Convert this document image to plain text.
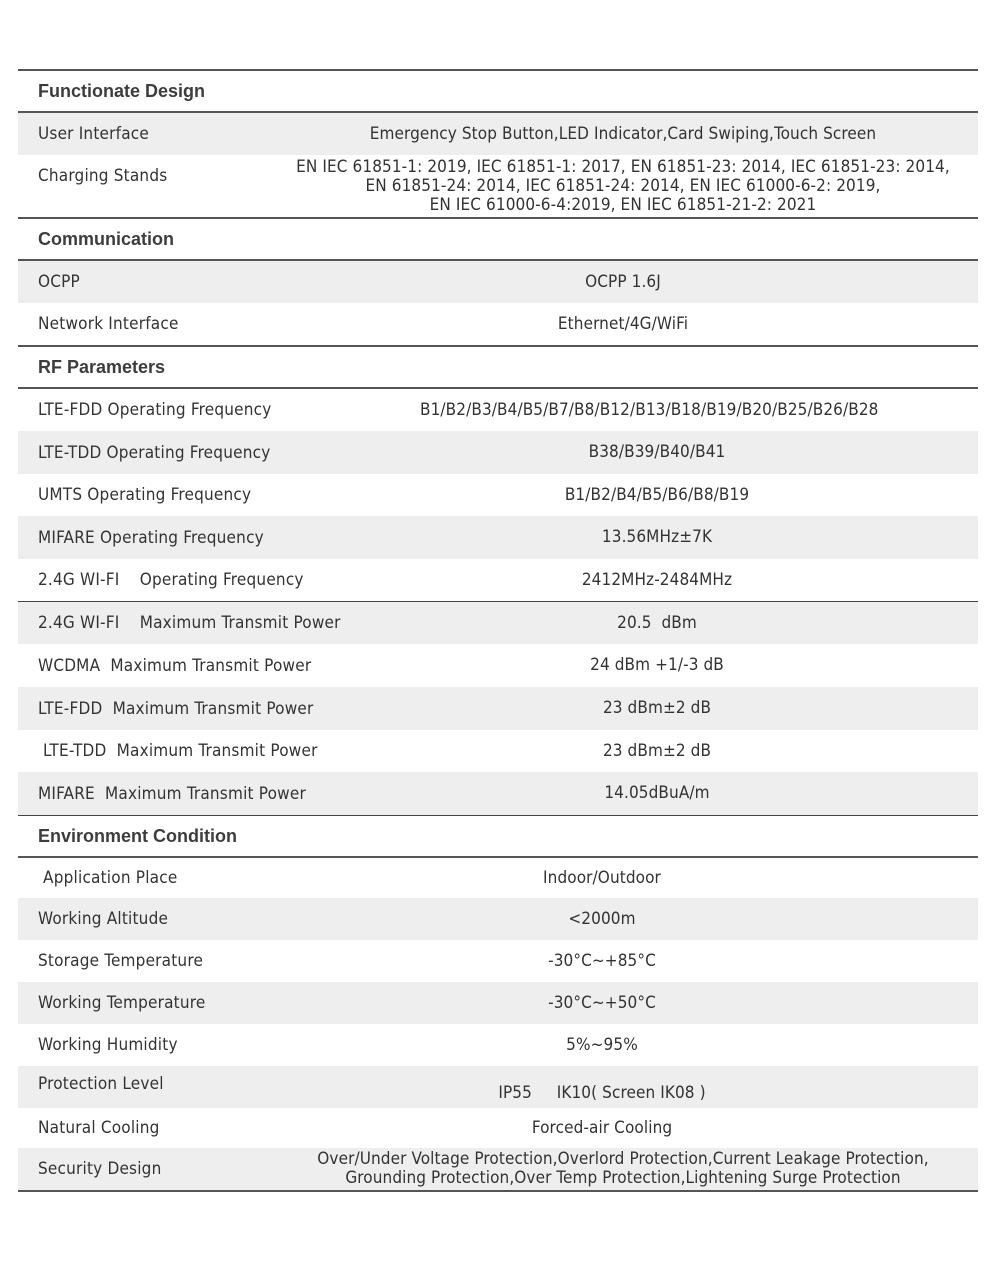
Functionate Design
User Interface	Emergency Stop Button,LED Indicator,Card Swiping,Touch Screen
Charging Stands	EN IEC 61851-1: 2019, IEC 61851-1: 2017, EN 61851-23: 2014, IEC 61851-23: 2014,
EN 61851-24: 2014, IEC 61851-24: 2014, EN IEC 61000-6-2: 2019,
EN IEC 61000-6-4:2019, EN IEC 61851-21-2: 2021
Communication
OCPP	OCPP 1.6J
Network Interface	Ethernet/4G/WiFi
RF Parameters
LTE-FDD Operating Frequency	B1/B2/B3/B4/B5/B7/B8/B12/B13/B18/B19/B20/B25/B26/B28
LTE-TDD Operating Frequency	B38/B39/B40/B41
UMTS Operating Frequency	B1/B2/B4/B5/B6/B8/B19
MIFARE Operating Frequency	13.56MHz±7K
2.4G WI-FI    Operating Frequency	2412MHz-2484MHz
2.4G WI-FI    Maximum Transmit Power	20.5  dBm
WCDMA  Maximum Transmit Power	24 dBm +1/-3 dB
LTE-FDD  Maximum Transmit Power	23 dBm±2 dB
LTE-TDD  Maximum Transmit Power	23 dBm±2 dB
MIFARE  Maximum Transmit Power	14.05dBuA/m
Environment Condition
Application Place	Indoor/Outdoor
Working Altitude	<2000m
Storage Temperature	-30°C~+85°C
Working Temperature	-30°C~+50°C
Working Humidity	5%~95%
Protection Level	IP55     IK10( Screen IK08 )
Natural Cooling	Forced-air Cooling
Security Design	Over/Under Voltage Protection,Overlord Protection,Current Leakage Protection,
Grounding Protection,Over Temp Protection,Lightening Surge Protection
